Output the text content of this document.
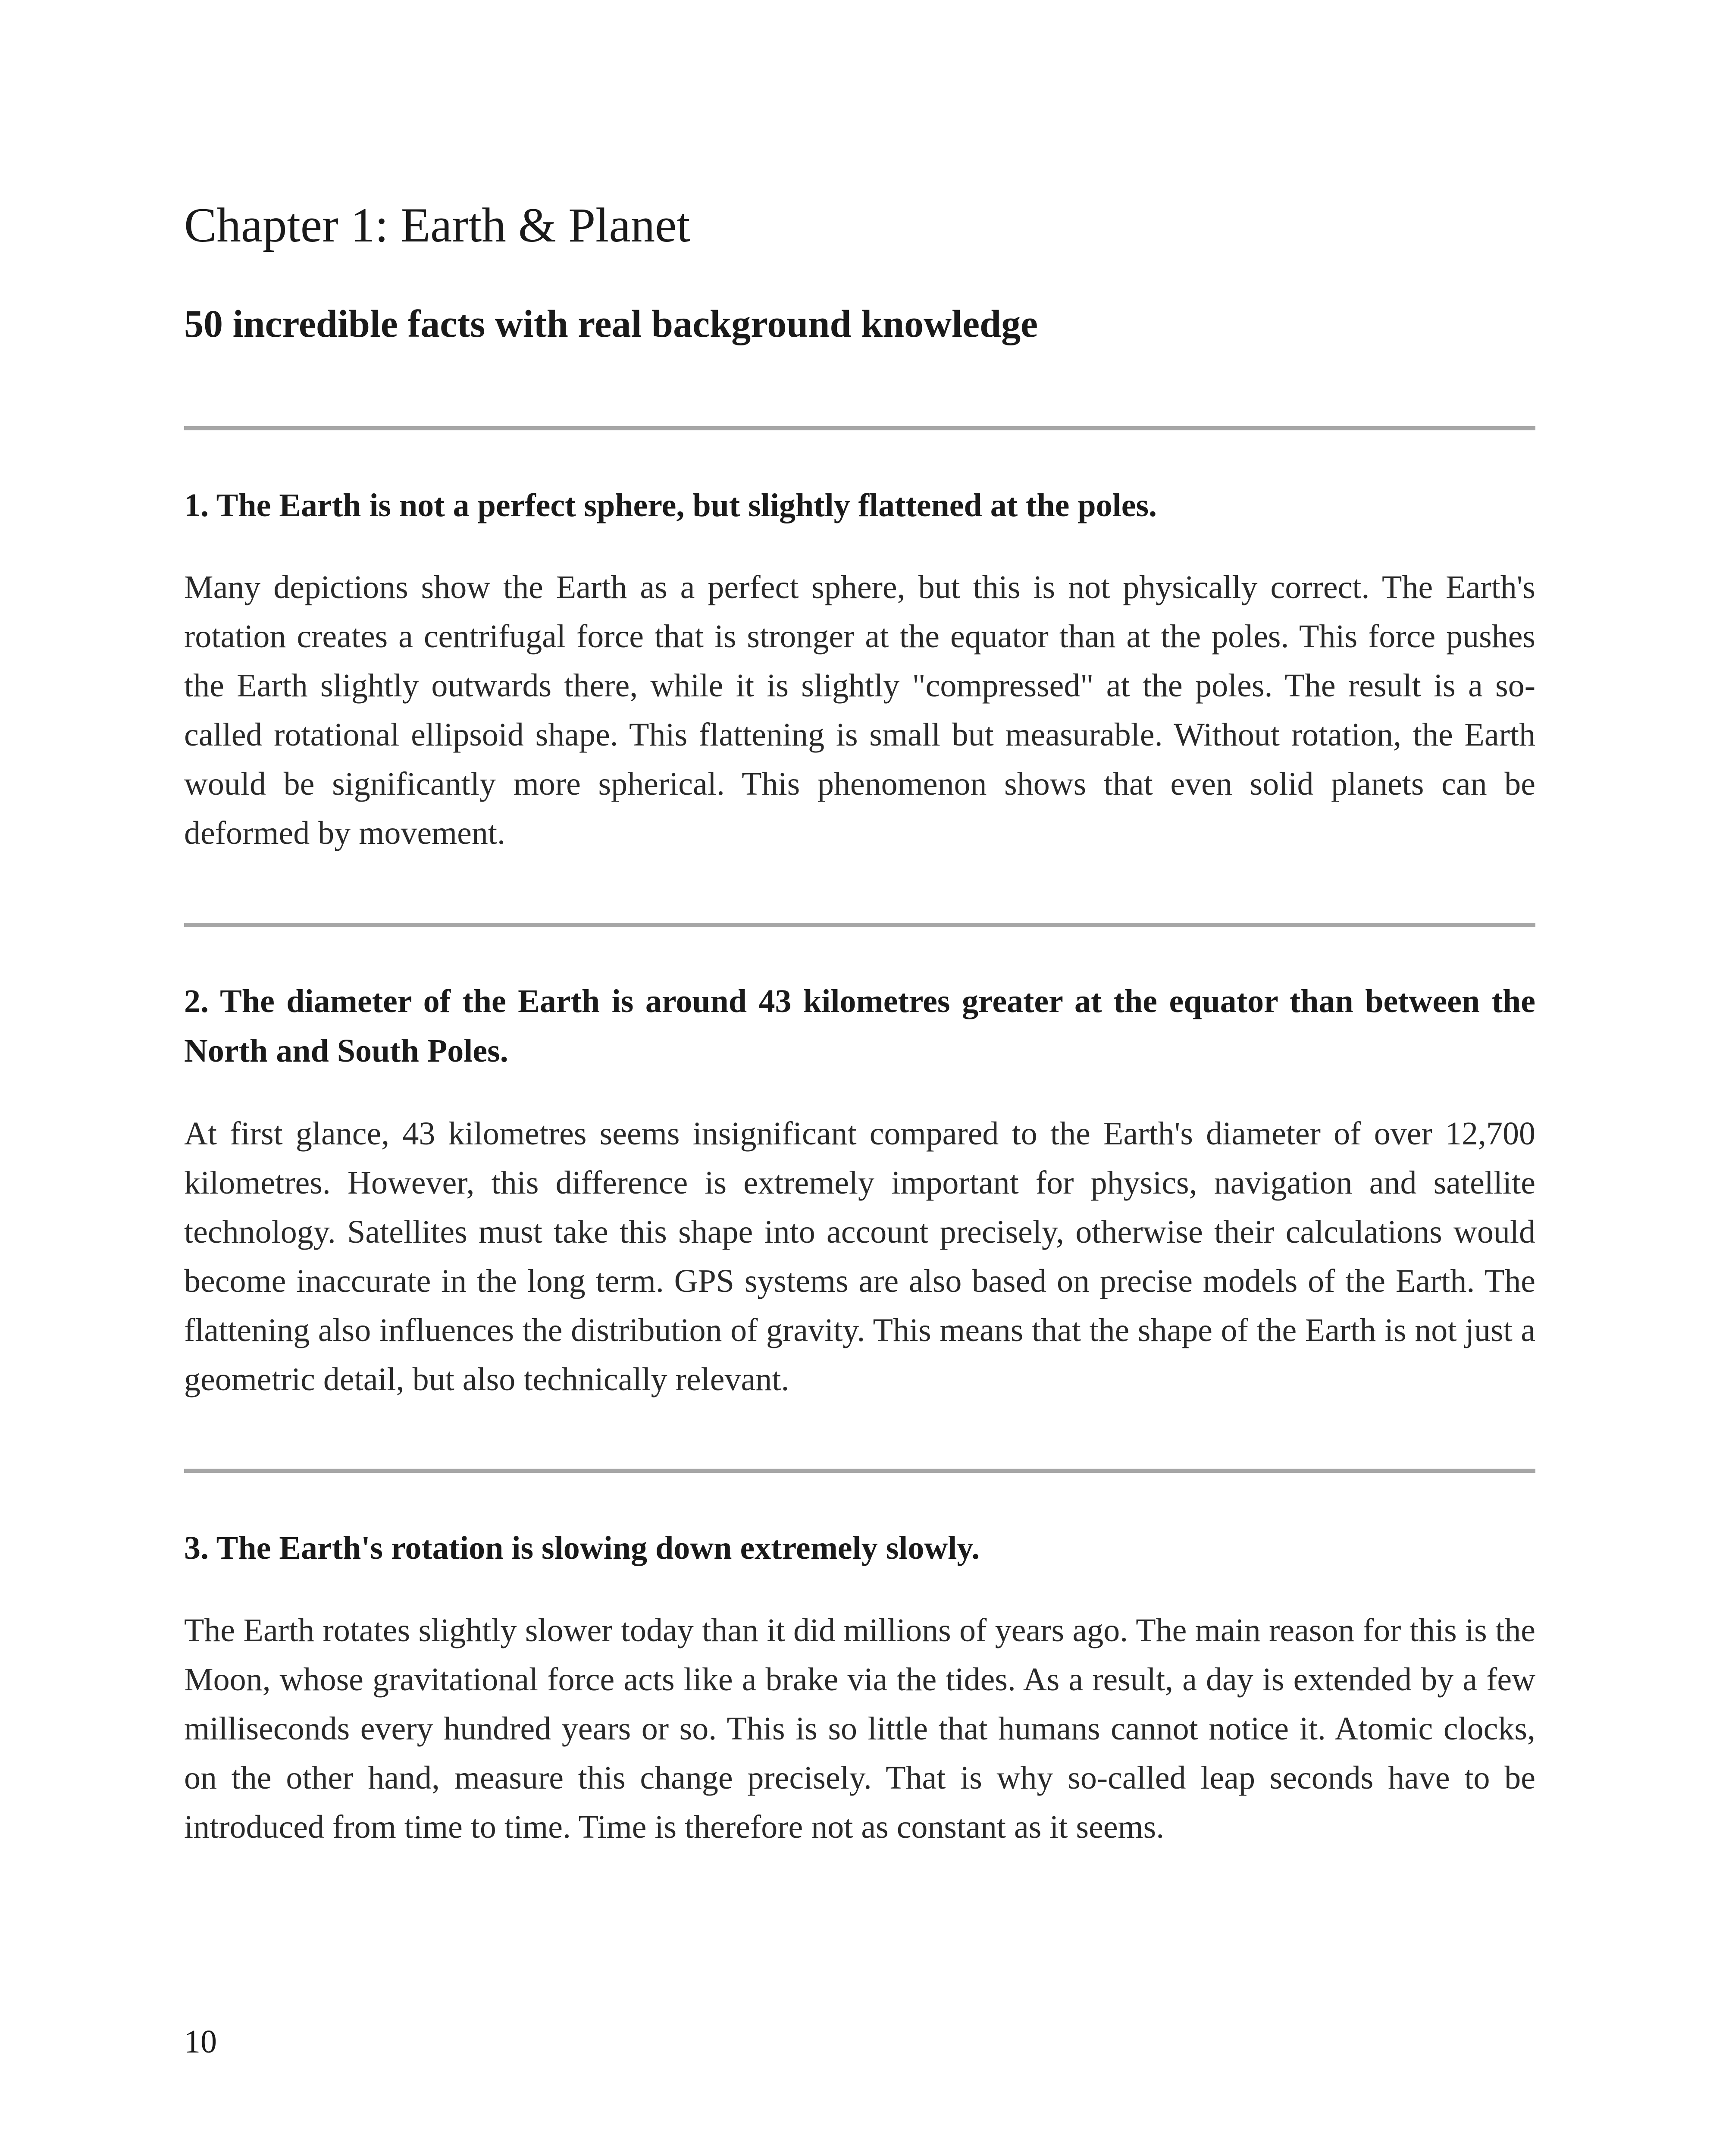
Chapter 1: Earth & Planet
50 incredible facts with real background knowledge
1. The Earth is not a perfect sphere, but slightly flattened at the poles.

Many depictions show the Earth as a perfect sphere, but this is not physically correct. The Earth's rotation creates a centrifugal force that is stronger at the equator than at the poles. This force pushes the Earth slightly outwards there, while it is slightly "compressed" at the poles. The result is a so-called rotational ellipsoid shape. This flattening is small but measurable. Without rotation, the Earth would be significantly more spherical. This phenomenon shows that even solid planets can be deformed by movement.

2. The diameter of the Earth is around 43 kilometres greater at the equator than between the North and South Poles.

At first glance, 43 kilometres seems insignificant compared to the Earth's diameter of over 12,700 kilometres. However, this difference is extremely important for physics, navigation and satellite technology. Satellites must take this shape into account precisely, otherwise their calculations would become inaccurate in the long term. GPS systems are also based on precise models of the Earth. The flattening also influences the distribution of gravity. This means that the shape of the Earth is not just a geometric detail, but also technically relevant.

3. The Earth's rotation is slowing down extremely slowly.

The Earth rotates slightly slower today than it did millions of years ago. The main reason for this is the Moon, whose gravitational force acts like a brake via the tides. As a result, a day is extended by a few milliseconds every hundred years or so. This is so little that humans cannot notice it. Atomic clocks, on the other hand, measure this change precisely. That is why so-called leap seconds have to be introduced from time to time. Time is therefore not as constant as it seems.

10
